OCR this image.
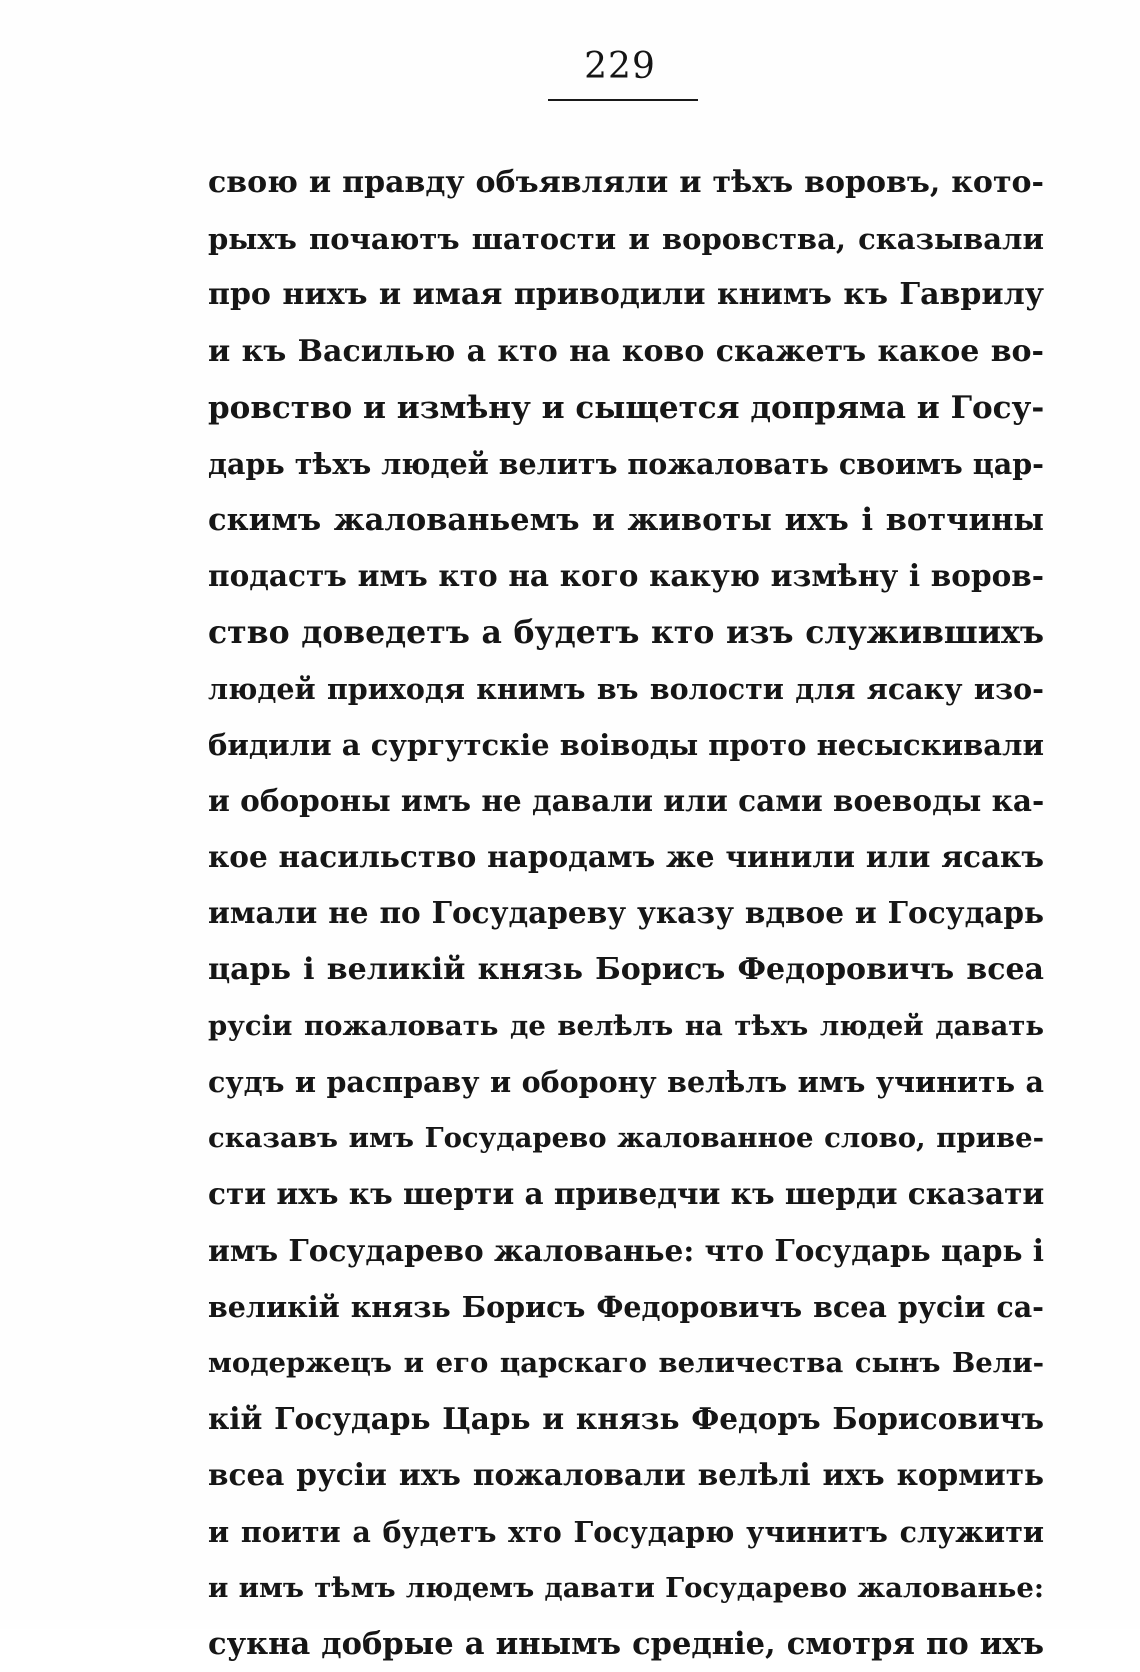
229
свою и правду объявляли и тѣхъ воровъ, кото-
рыхъ почаютъ шатости и воровства, сказывали
про нихъ и имая приводили книмъ къ Гаврилу
и къ Василью а кто на ково скажетъ какое во-
ровство и измѣну и сыщется допряма и Госу-
дарь тѣхъ людей велитъ пожаловать своимъ цар-
скимъ жалованьемъ и животы ихъ і вотчины
подастъ имъ кто на кого какую измѣну і воров-
ство доведетъ а будетъ кто изъ служившихъ
людей приходя книмъ въ волости для ясаку изо-
бидили а сургутскіе воіводы прото несыскивали
и обороны имъ не давали или сами воеводы ка-
кое насильство народамъ же чинили или ясакъ
имали не по Государеву указу вдвое и Государь
царь і великій князь Борисъ Федоровичъ всеа
русіи пожаловать де велѣлъ на тѣхъ людей давать
судъ и расправу и оборону велѣлъ имъ учинить а
сказавъ имъ Государево жалованное слово, приве-
сти ихъ къ шерти а приведчи къ шерди сказати
имъ Государево жалованье: что Государь царь і
великій князь Борисъ Федоровичъ всеа русіи са-
модержецъ и его царскаго величества сынъ Вели-
кій Государь Царь и князь Федоръ Борисовичъ
всеа русіи ихъ пожаловали велѣлі ихъ кормить
и поити а будетъ хто Государю учинитъ служити
и имъ тѣмъ людемъ давати Государево жалованье:
сукна добрые а инымъ средніе, смотря по ихъ
